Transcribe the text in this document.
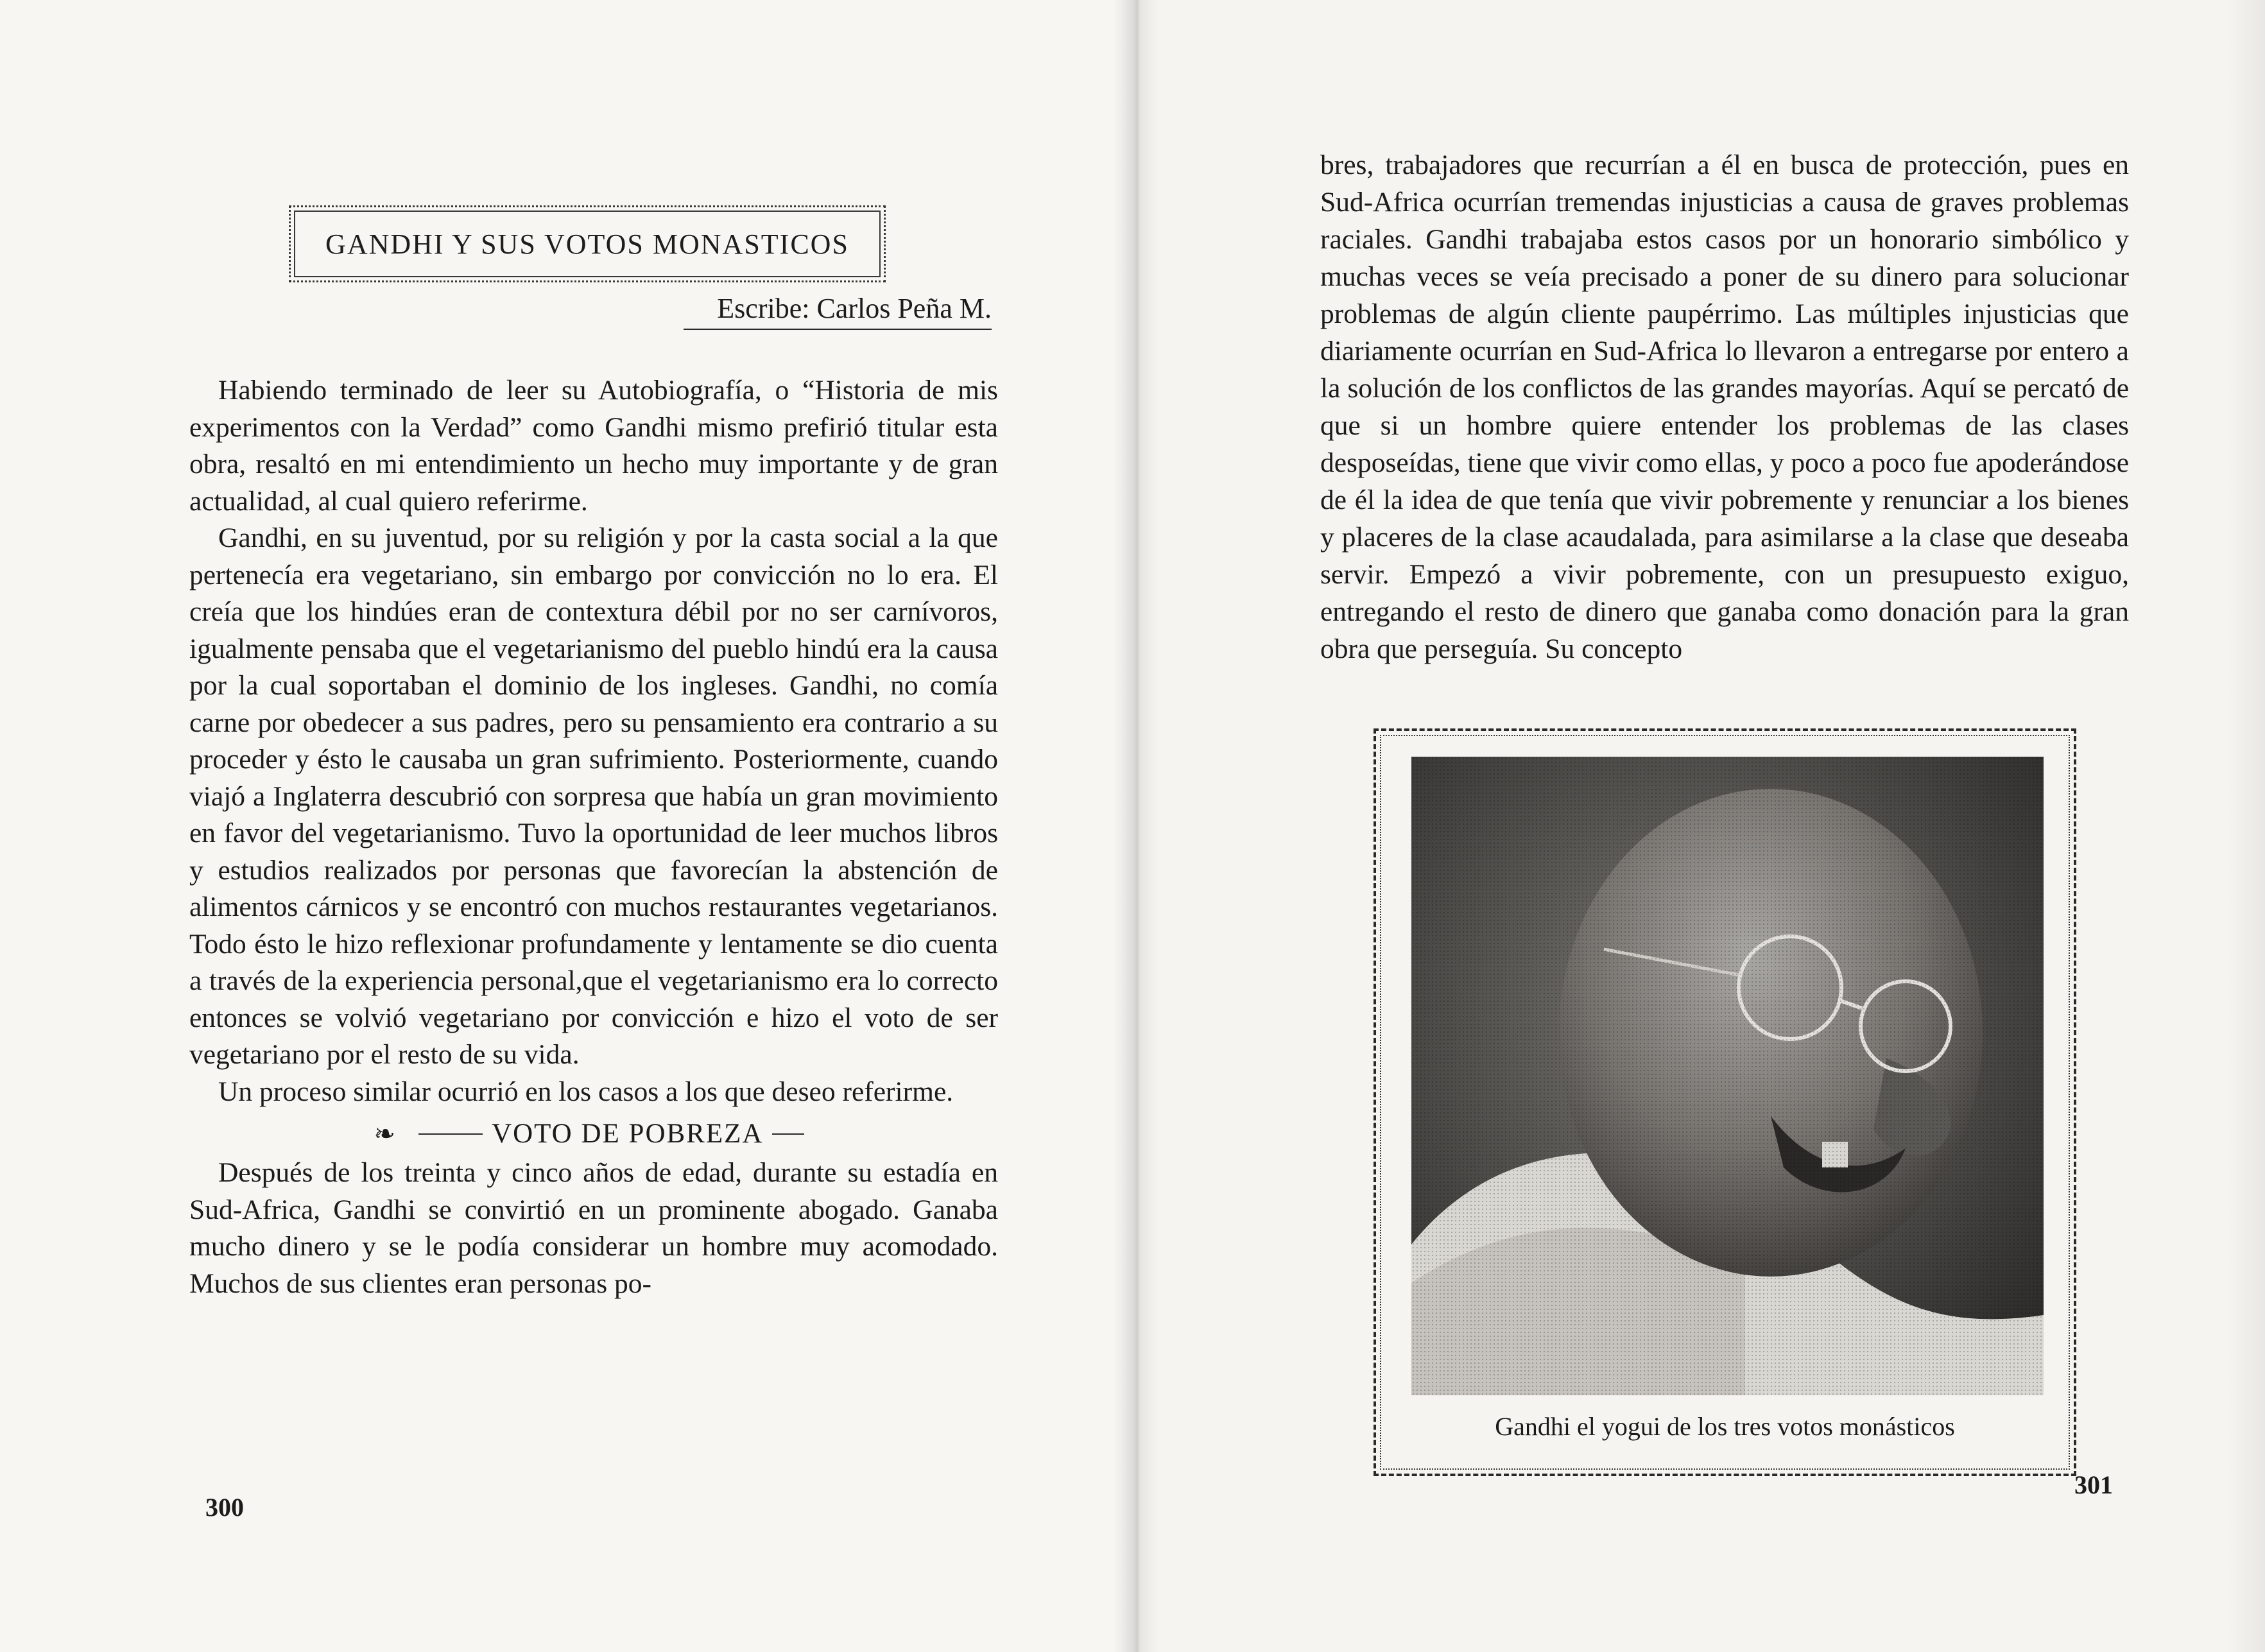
GANDHI Y SUS VOTOS MONASTICOS
Escribe: Carlos Peña M.

Habiendo terminado de leer su Autobiografía, o “Historia de mis experimentos con la Verdad” como Gandhi mismo prefirió titular esta obra, resaltó en mi entendimiento un hecho muy importante y de gran actualidad, al cual quiero referirme.

Gandhi, en su juventud, por su religión y por la casta social a la que pertenecía era vegetariano, sin embargo por convicción no lo era. El creía que los hindúes eran de contextura débil por no ser carnívoros, igualmente pensaba que el vegetarianismo del pueblo hindú era la causa por la cual soportaban el dominio de los ingleses. Gandhi, no comía carne por obedecer a sus padres, pero su pensamiento era contrario a su proceder y ésto le causaba un gran sufrimiento. Posteriormente, cuando viajó a Inglaterra descubrió con sorpresa que había un gran movimiento en favor del vegetarianismo. Tuvo la oportunidad de leer muchos libros y estudios realizados por personas que favorecían la abstención de alimentos cárnicos y se encontró con muchos restaurantes vegetarianos. Todo ésto le hizo reflexionar profundamente y lentamente se dio cuenta a través de la experiencia personal,que el vegetarianismo era lo correcto entonces se volvió vegetariano por convicción e hizo el voto de ser vegetariano por el resto de su vida.

Un proceso similar ocurrió en los casos a los que deseo referirme.

❧	VOTO DE POBREZA

Después de los treinta y cinco años de edad, durante su estadía en Sud-Africa, Gandhi se convirtió en un prominente abogado. Ganaba mucho dinero y se le podía considerar un hombre muy acomodado. Muchos de sus clientes eran personas po-

300

bres, trabajadores que recurrían a él en busca de protección, pues en Sud-Africa ocurrían tremendas injusticias a causa de graves problemas raciales. Gandhi trabajaba estos casos por un honorario simbólico y muchas veces se veía precisado a poner de su dinero para solucionar problemas de algún cliente paupérrimo. Las múltiples injusticias que diariamente ocurrían en Sud-Africa lo llevaron a entregarse por entero a la solución de los conflictos de las grandes mayorías. Aquí se percató de que si un hombre quiere entender los problemas de las clases desposeídas, tiene que vivir como ellas, y poco a poco fue apoderándose de él la idea de que tenía que vivir pobremente y renunciar a los bienes y placeres de la clase acaudalada, para asimilarse a la clase que deseaba servir. Empezó a vivir pobremente, con un presupuesto exiguo, entregando el resto de dinero que ganaba como donación para la gran obra que perseguía. Su concepto

Gandhi el yogui de los tres votos monásticos
301
